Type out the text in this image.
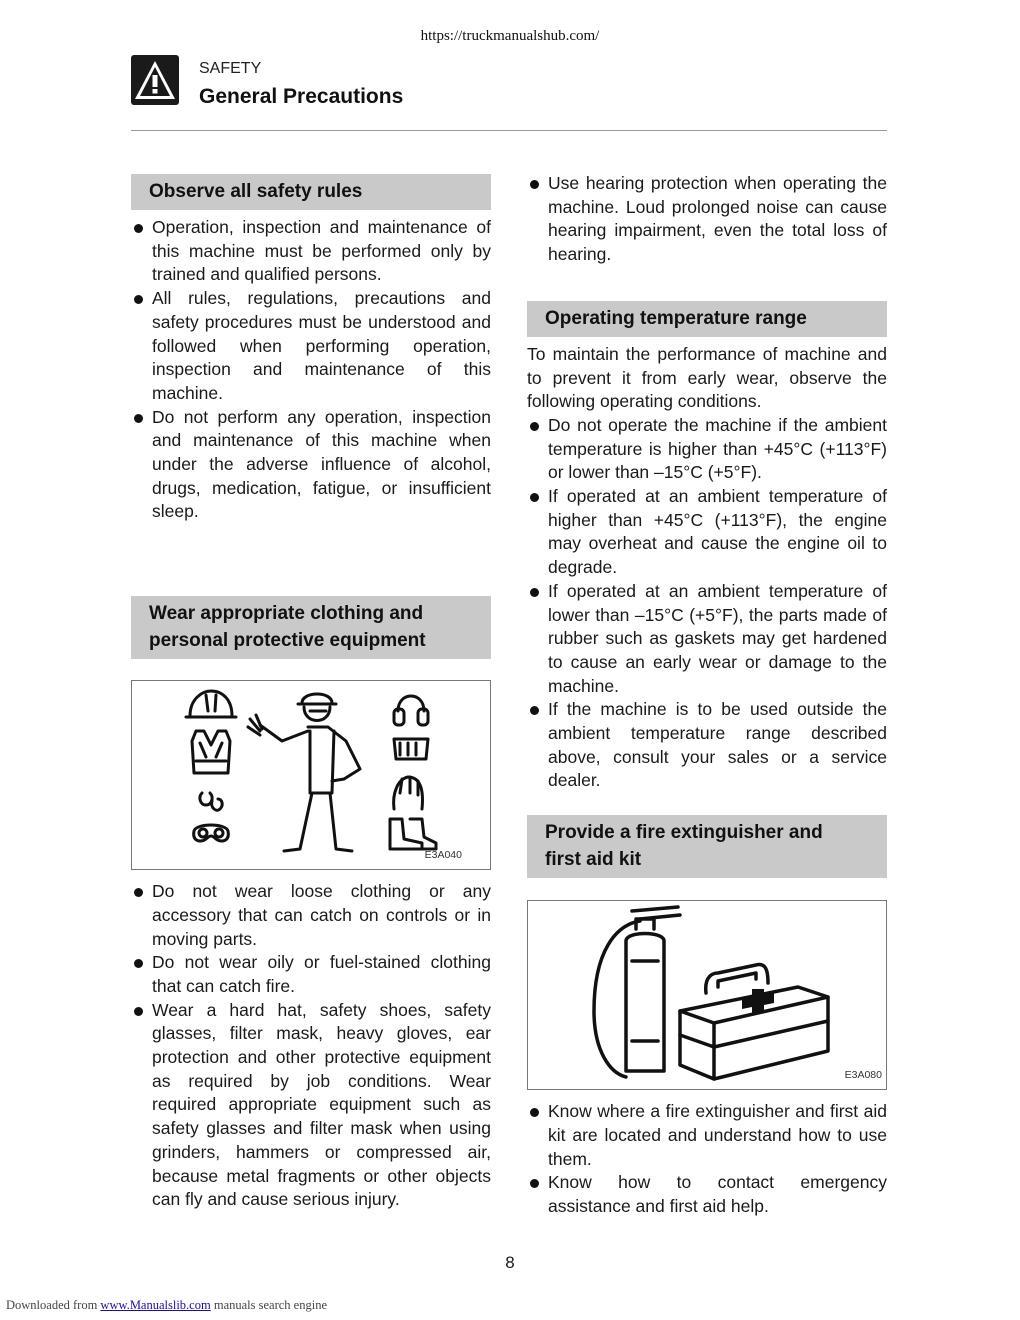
https://truckmanualshub.com/
SAFETY
General Precautions
Observe all safety rules
Operation, inspection and maintenance of this machine must be performed only by trained and qualified persons.
All rules, regulations, precautions and safety procedures must be understood and followed when performing operation, inspection and maintenance of this machine.
Do not perform any operation, inspection and maintenance of this machine when under the adverse influence of alcohol, drugs, medication, fatigue, or insufficient sleep.
Wear appropriate clothing and
personal protective equipment
E3A040
Do not wear loose clothing or any accessory that can catch on controls or in moving parts.
Do not wear oily or fuel-stained clothing that can catch fire.
Wear a hard hat, safety shoes, safety glasses, filter mask, heavy gloves, ear protection and other protective equipment as required by job conditions. Wear required appropriate equipment such as safety glasses and filter mask when using grinders, hammers or compressed air, because metal fragments or other objects can fly and cause serious injury.
Use hearing protection when operating the machine. Loud prolonged noise can cause hearing impairment, even the total loss of hearing.
Operating temperature range
To maintain the performance of machine and to prevent it from early wear, observe the following operating conditions.
Do not operate the machine if the ambient temperature is higher than +45°C (+113°F) or lower than –15°C (+5°F).
If operated at an ambient temperature of higher than +45°C (+113°F), the engine may overheat and cause the engine oil to degrade.
If operated at an ambient temperature of lower than –15°C (+5°F), the parts made of rubber such as gaskets may get hardened to cause an early wear or damage to the machine.
If the machine is to be used outside the ambient temperature range described above, consult your sales or a service dealer.
Provide a fire extinguisher and
first aid kit
E3A080
Know where a fire extinguisher and first aid kit are located and understand how to use them.
Know how to contact emergency assistance and first aid help.
8
Downloaded from www.Manualslib.com manuals search engine
